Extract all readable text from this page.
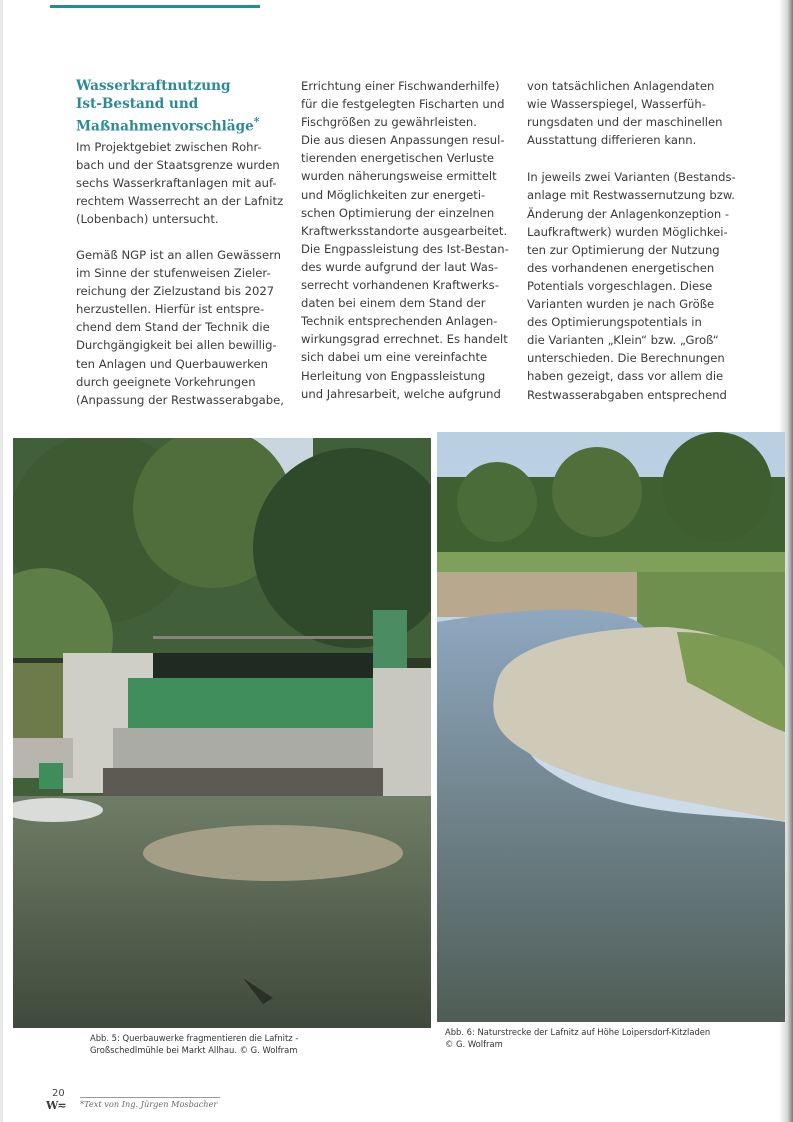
Wasserkraftnutzung
Ist-Bestand und
Maßnahmenvorschläge*

Im Projektgebiet zwischen Rohr-
bach und der Staatsgrenze wurden
sechs Wasserkraftanlagen mit auf-
rechtem Wasserrecht an der Lafnitz
(Lobenbach) untersucht.

Gemäß NGP ist an allen Gewässern
im Sinne der stufenweisen Zieler-
reichung der Zielzustand bis 2027
herzustellen. Hierfür ist entspre-
chend dem Stand der Technik die
Durchgängigkeit bei allen bewillig-
ten Anlagen und Querbauwerken
durch geeignete Vorkehrungen
(Anpassung der Restwasserabgabe,

Errichtung einer Fischwanderhilfe)
für die festgelegten Fischarten und
Fischgrößen zu gewährleisten.
Die aus diesen Anpassungen resul-
tierenden energetischen Verluste
wurden näherungsweise ermittelt
und Möglichkeiten zur energeti-
schen Optimierung der einzelnen
Kraftwerksstandorte ausgearbeitet.
Die Engpassleistung des Ist-Bestan-
des wurde aufgrund der laut Was-
serrecht vorhandenen Kraftwerks-
daten bei einem dem Stand der
Technik entsprechenden Anlagen-
wirkungsgrad errechnet. Es handelt
sich dabei um eine vereinfachte
Herleitung von Engpassleistung
und Jahresarbeit, welche aufgrund

von tatsächlichen Anlagendaten
wie Wasserspiegel, Wasserfüh-
rungsdaten und der maschinellen
Ausstattung differieren kann.

In jeweils zwei Varianten (Bestands-
anlage mit Restwassernutzung bzw.
Änderung der Anlagenkonzeption -
Laufkraftwerk) wurden Möglichkei-
ten zur Optimierung der Nutzung
des vorhandenen energetischen
Potentials vorgeschlagen. Diese
Varianten wurden je nach Größe
des Optimierungspotentials in
die Varianten „Klein“ bzw. „Groß“
unterschieden. Die Berechnungen
haben gezeigt, dass vor allem die
Restwasserabgaben entsprechend

Abb. 5: Querbauwerke fragmentieren die Lafnitz -
Großschedlmühle bei Markt Allhau. © G. Wolfram
Abb. 6: Naturstrecke der Lafnitz auf Höhe Loipersdorf-Kitzladen
© G. Wolfram
20
W≂ *Text von Ing. Jürgen Mosbacher
